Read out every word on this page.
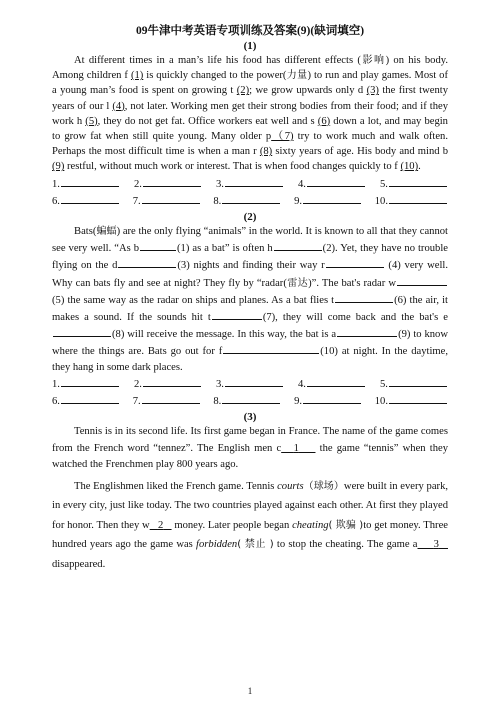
09牛津中考英语专项训练及答案(9)(缺词填空)
(1)

At different times in a man’s life his food has different effects (影响) on his body. Among children f (1) is quickly changed to the power(力量) to run and play games. Most of a young man’s food is spent on growing t (2); we grow upwards only d (3) the first twenty years of our l (4), not later. Working men get their strong bodies from their food; and if they work h (5), they do not get fat. Office workers eat well and s (6) down a lot, and may begin to grow fat when still quite young. Many older p（7) try to work much and walk often. Perhaps the most difficult time is when a man r (8) sixty years of age. His body and mind b (9) restful, without much work or interest. That is when food changes quickly to f (10).

1.	2.	3.	4.	5.
6.	7.	8.	9.	10.
(2)

Bats(蝙蝠) are the only flying “animals” in the world. It is known to all that they cannot see very well. “As b	(1) as a bat” is often h	(2). Yet, they have no trouble flying on the d	(3) nights and finding their way r	(4) very well. Why can bats fly and see at night? They fly by “radar(雷达)”. The bat's radar w (5) the same way as the radar on ships and planes. As a bat flies t	(6) the air, it makes a sound. If the sounds hit t	(7), they will come back and the bat's e(8) will receive the message. In this way, the bat is a	(9) to know where the things are. Bats go out for f	(10) at night. In the daytime, they hang in some dark places.

1.	2.	3.	4.	5.
6.	7.	8.	9.	10.
(3)

Tennis is in its second life. Its first game began in France. The name of the game comes from the French word “tennez”. The English men c 1     the game “tennis” when they watched the Frenchmen play 800 years ago.

The Englishmen liked the French game. Tennis courts（球场）were built in every park, in every city, just like today. The two countries played against each other. At first they played for honor. Then they w 2    money. Later people began cheating( 欺骗 )to get money. Three hundred years ago the game was forbidden( 禁止 ) to stop the cheating. The game a 3    disappeared.

1
